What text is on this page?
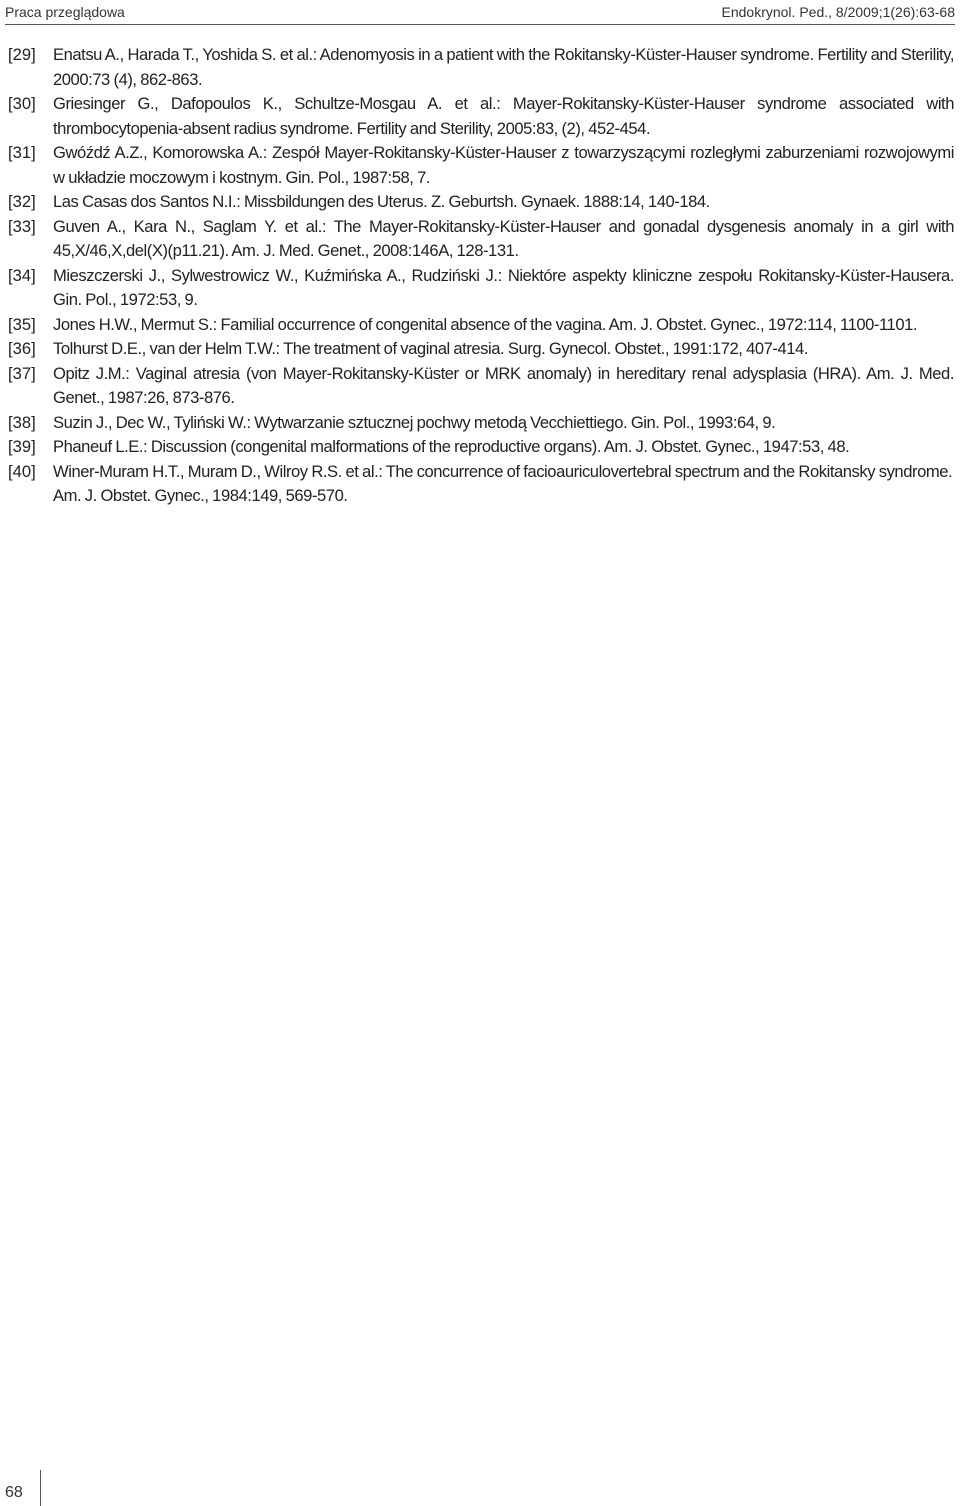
Praca przeglądowa	Endokrynol. Ped., 8/2009;1(26):63-68
[29]	Enatsu A., Harada T., Yoshida S. et al.: Adenomyosis in a patient with the Rokitansky-Küster-Hauser syndrome. Fertility and Sterility, 2000:73 (4), 862-863.
[30]	Griesinger G., Dafopoulos K., Schultze-Mosgau A. et al.: Mayer-Rokitansky-Küster-Hauser syndrome associated with thrombocytopenia-absent radius syndrome. Fertility and Sterility, 2005:83, (2), 452-454.
[31]	Gwóźdź A.Z., Komorowska A.: Zespół Mayer-Rokitansky-Küster-Hauser z towarzyszącymi rozległymi zaburzeniami rozwojowymi w układzie moczowym i kostnym. Gin. Pol., 1987:58, 7.
[32]	Las Casas dos Santos N.I.: Missbildungen des Uterus. Z. Geburtsh. Gynaek. 1888:14, 140-184.
[33]	Guven A., Kara N., Saglam Y. et al.: The Mayer-Rokitansky-Küster-Hauser and gonadal dysgenesis anomaly in a girl with 45,X/46,X,del(X)(p11.21). Am. J. Med. Genet., 2008:146A, 128-131.
[34]	Mieszczerski J., Sylwestrowicz W., Kuźmińska A., Rudziński J.: Niektóre aspekty kliniczne zespołu Rokitansky-Küster-Hausera. Gin. Pol., 1972:53, 9.
[35]	Jones H.W., Mermut S.: Familial occurrence of congenital absence of the vagina. Am. J. Obstet. Gynec., 1972:114, 1100-1101.
[36]	Tolhurst D.E., van der Helm T.W.: The treatment of vaginal atresia. Surg. Gynecol. Obstet., 1991:172, 407-414.
[37]	Opitz J.M.: Vaginal atresia (von Mayer-Rokitansky-Küster or MRK anomaly) in hereditary renal adysplasia (HRA). Am. J. Med. Genet., 1987:26, 873-876.
[38]	Suzin J., Dec W., Tyliński W.: Wytwarzanie sztucznej pochwy metodą Vecchiettiego. Gin. Pol., 1993:64, 9.
[39]	Phaneuf L.E.: Discussion (congenital malformations of the reproductive organs). Am. J. Obstet. Gynec., 1947:53, 48.
[40]	Winer-Muram H.T., Muram D., Wilroy R.S. et al.: The concurrence of facioauriculovertebral spectrum and the Rokitansky syndrome. Am. J. Obstet. Gynec., 1984:149, 569-570.
68
